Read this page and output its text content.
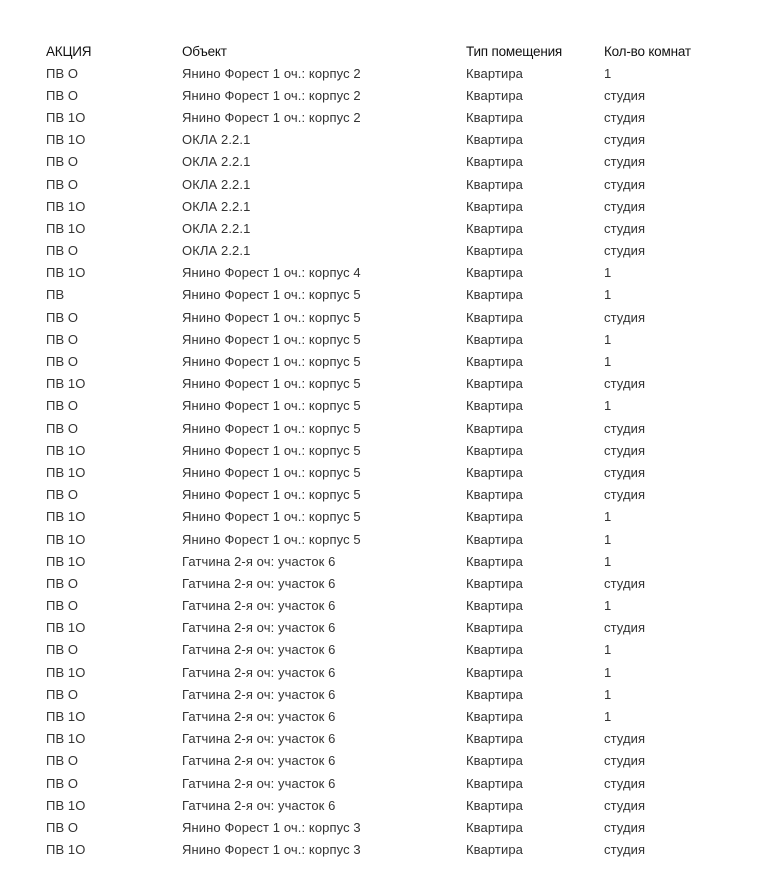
АКЦИЯ	Объект	Тип помещения	Кол-во комнат
ПВ О	Янино Форест 1 оч.: корпус 2	Квартира	1
ПВ О	Янино Форест 1 оч.: корпус 2	Квартира	студия
ПВ 1О	Янино Форест 1 оч.: корпус 2	Квартира	студия
ПВ 1О	ОКЛА 2.2.1	Квартира	студия
ПВ О	ОКЛА 2.2.1	Квартира	студия
ПВ О	ОКЛА 2.2.1	Квартира	студия
ПВ 1О	ОКЛА 2.2.1	Квартира	студия
ПВ 1О	ОКЛА 2.2.1	Квартира	студия
ПВ О	ОКЛА 2.2.1	Квартира	студия
ПВ 1О	Янино Форест 1 оч.: корпус 4	Квартира	1
ПВ	Янино Форест 1 оч.: корпус 5	Квартира	1
ПВ О	Янино Форест 1 оч.: корпус 5	Квартира	студия
ПВ О	Янино Форест 1 оч.: корпус 5	Квартира	1
ПВ О	Янино Форест 1 оч.: корпус 5	Квартира	1
ПВ 1О	Янино Форест 1 оч.: корпус 5	Квартира	студия
ПВ О	Янино Форест 1 оч.: корпус 5	Квартира	1
ПВ О	Янино Форест 1 оч.: корпус 5	Квартира	студия
ПВ 1О	Янино Форест 1 оч.: корпус 5	Квартира	студия
ПВ 1О	Янино Форест 1 оч.: корпус 5	Квартира	студия
ПВ О	Янино Форест 1 оч.: корпус 5	Квартира	студия
ПВ 1О	Янино Форест 1 оч.: корпус 5	Квартира	1
ПВ 1О	Янино Форест 1 оч.: корпус 5	Квартира	1
ПВ 1О	Гатчина 2-я оч: участок 6	Квартира	1
ПВ О	Гатчина 2-я оч: участок 6	Квартира	студия
ПВ О	Гатчина 2-я оч: участок 6	Квартира	1
ПВ 1О	Гатчина 2-я оч: участок 6	Квартира	студия
ПВ О	Гатчина 2-я оч: участок 6	Квартира	1
ПВ 1О	Гатчина 2-я оч: участок 6	Квартира	1
ПВ О	Гатчина 2-я оч: участок 6	Квартира	1
ПВ 1О	Гатчина 2-я оч: участок 6	Квартира	1
ПВ 1О	Гатчина 2-я оч: участок 6	Квартира	студия
ПВ О	Гатчина 2-я оч: участок 6	Квартира	студия
ПВ О	Гатчина 2-я оч: участок 6	Квартира	студия
ПВ 1О	Гатчина 2-я оч: участок 6	Квартира	студия
ПВ О	Янино Форест 1 оч.: корпус 3	Квартира	студия
ПВ 1О	Янино Форест 1 оч.: корпус 3	Квартира	студия
